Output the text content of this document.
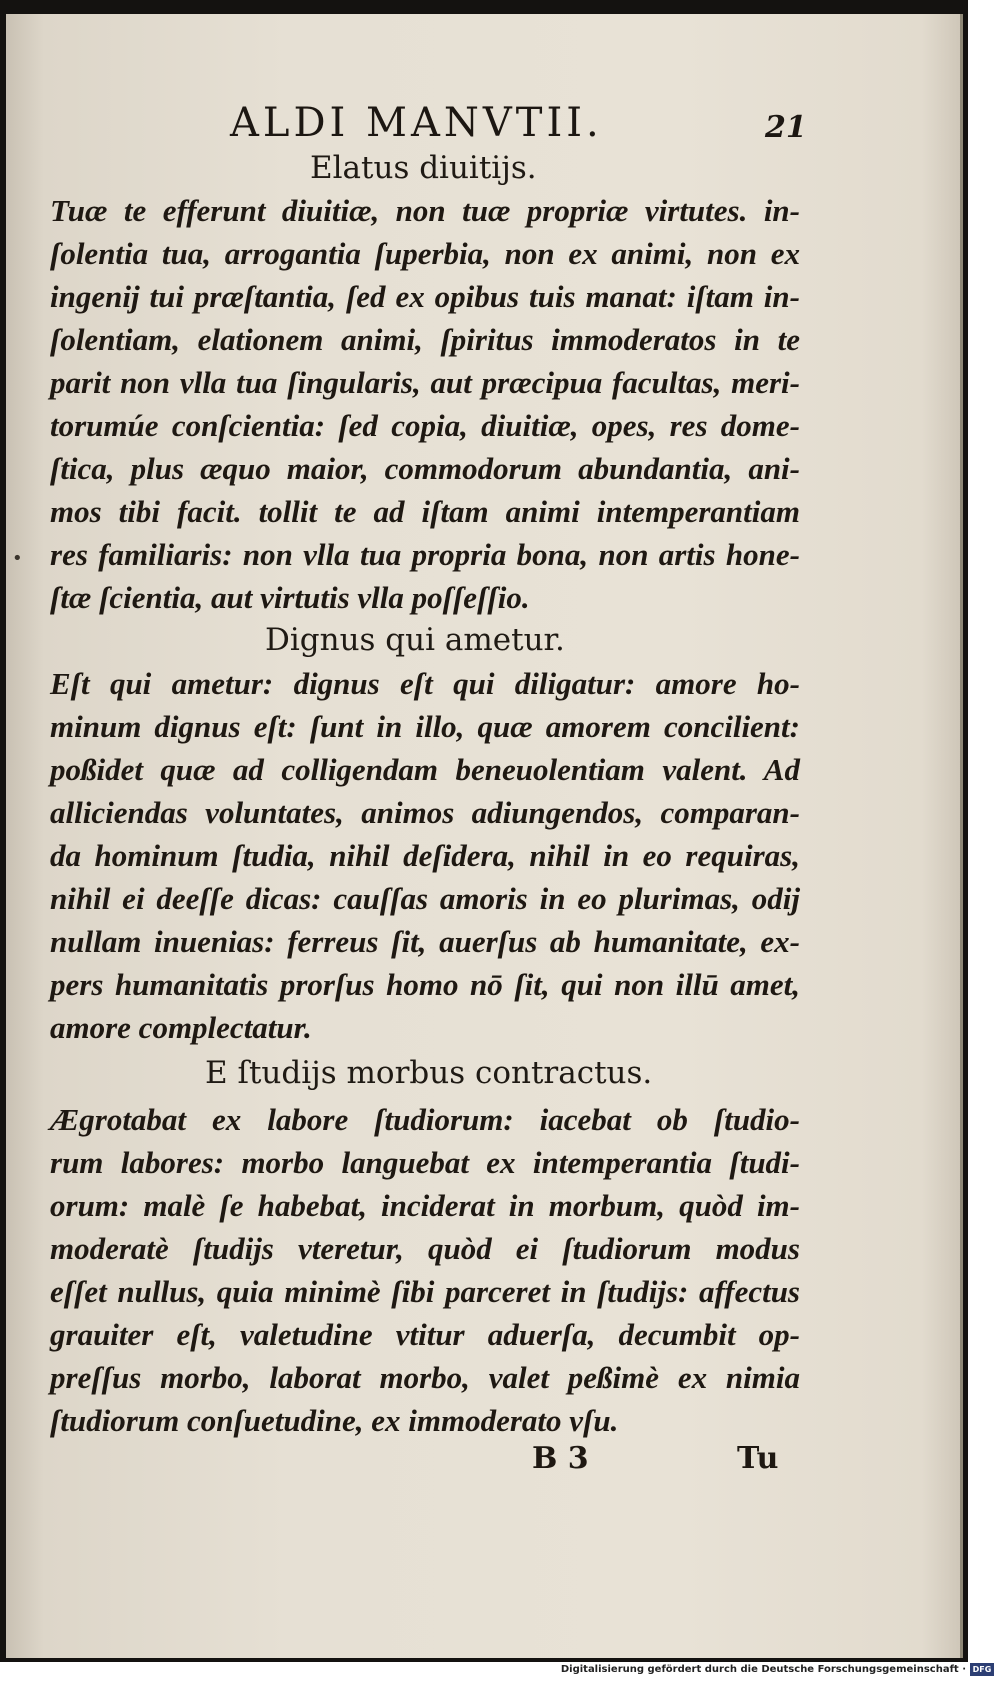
ALDI MANVTII.	21
Elatus diuitijs.
Tuæ te efferunt diuitiæ, non tuæ propriæ virtutes. in-
ſolentia tua, arrogantia ſuperbia, non ex animi, non ex
ingenij tui præſtantia, ſed ex opibus tuis manat: iſtam in-
ſolentiam, elationem animi, ſpiritus immoderatos in te
parit non vlla tua ſingularis, aut præcipua facultas, meri-
torumúe conſcientia: ſed copia, diuitiæ, opes, res dome-
ſtica, plus æquo maior, commodorum abundantia, ani-
mos tibi facit. tollit te ad iſtam animi intemperantiam
res familiaris: non vlla tua propria bona, non artis hone-
ſtæ ſcientia, aut virtutis vlla poſſeſſio.
Dignus qui ametur.
Eſt qui ametur: dignus eſt qui diligatur: amore ho-
minum dignus eſt: ſunt in illo, quæ amorem concilient:
poßidet quæ ad colligendam beneuolentiam valent. Ad
alliciendas voluntates, animos adiungendos, comparan-
da hominum ſtudia, nihil deſidera, nihil in eo requiras,
nihil ei deeſſe dicas: cauſſas amoris in eo plurimas, odij
nullam inuenias: ferreus ſit, auerſus ab humanitate, ex-
pers humanitatis prorſus homo nō ſit, qui non illū amet,
amore complectatur.
E ſtudijs morbus contractus.
Ægrotabat ex labore ſtudiorum: iacebat ob ſtudio-
rum labores: morbo languebat ex intemperantia ſtudi-
orum: malè ſe habebat, inciderat in morbum, quòd im-
moderatè ſtudijs vteretur, quòd ei ſtudiorum modus
eſſet nullus, quia minimè ſibi parceret in ſtudijs: affectus
grauiter eſt, valetudine vtitur aduerſa, decumbit op-
preſſus morbo, laborat morbo, valet peßimè ex nimia
ſtudiorum conſuetudine, ex immoderato vſu.
B 3	Tu
•
Digitalisierung gefördert durch die Deutsche Forschungsgemeinschaft · DFG
